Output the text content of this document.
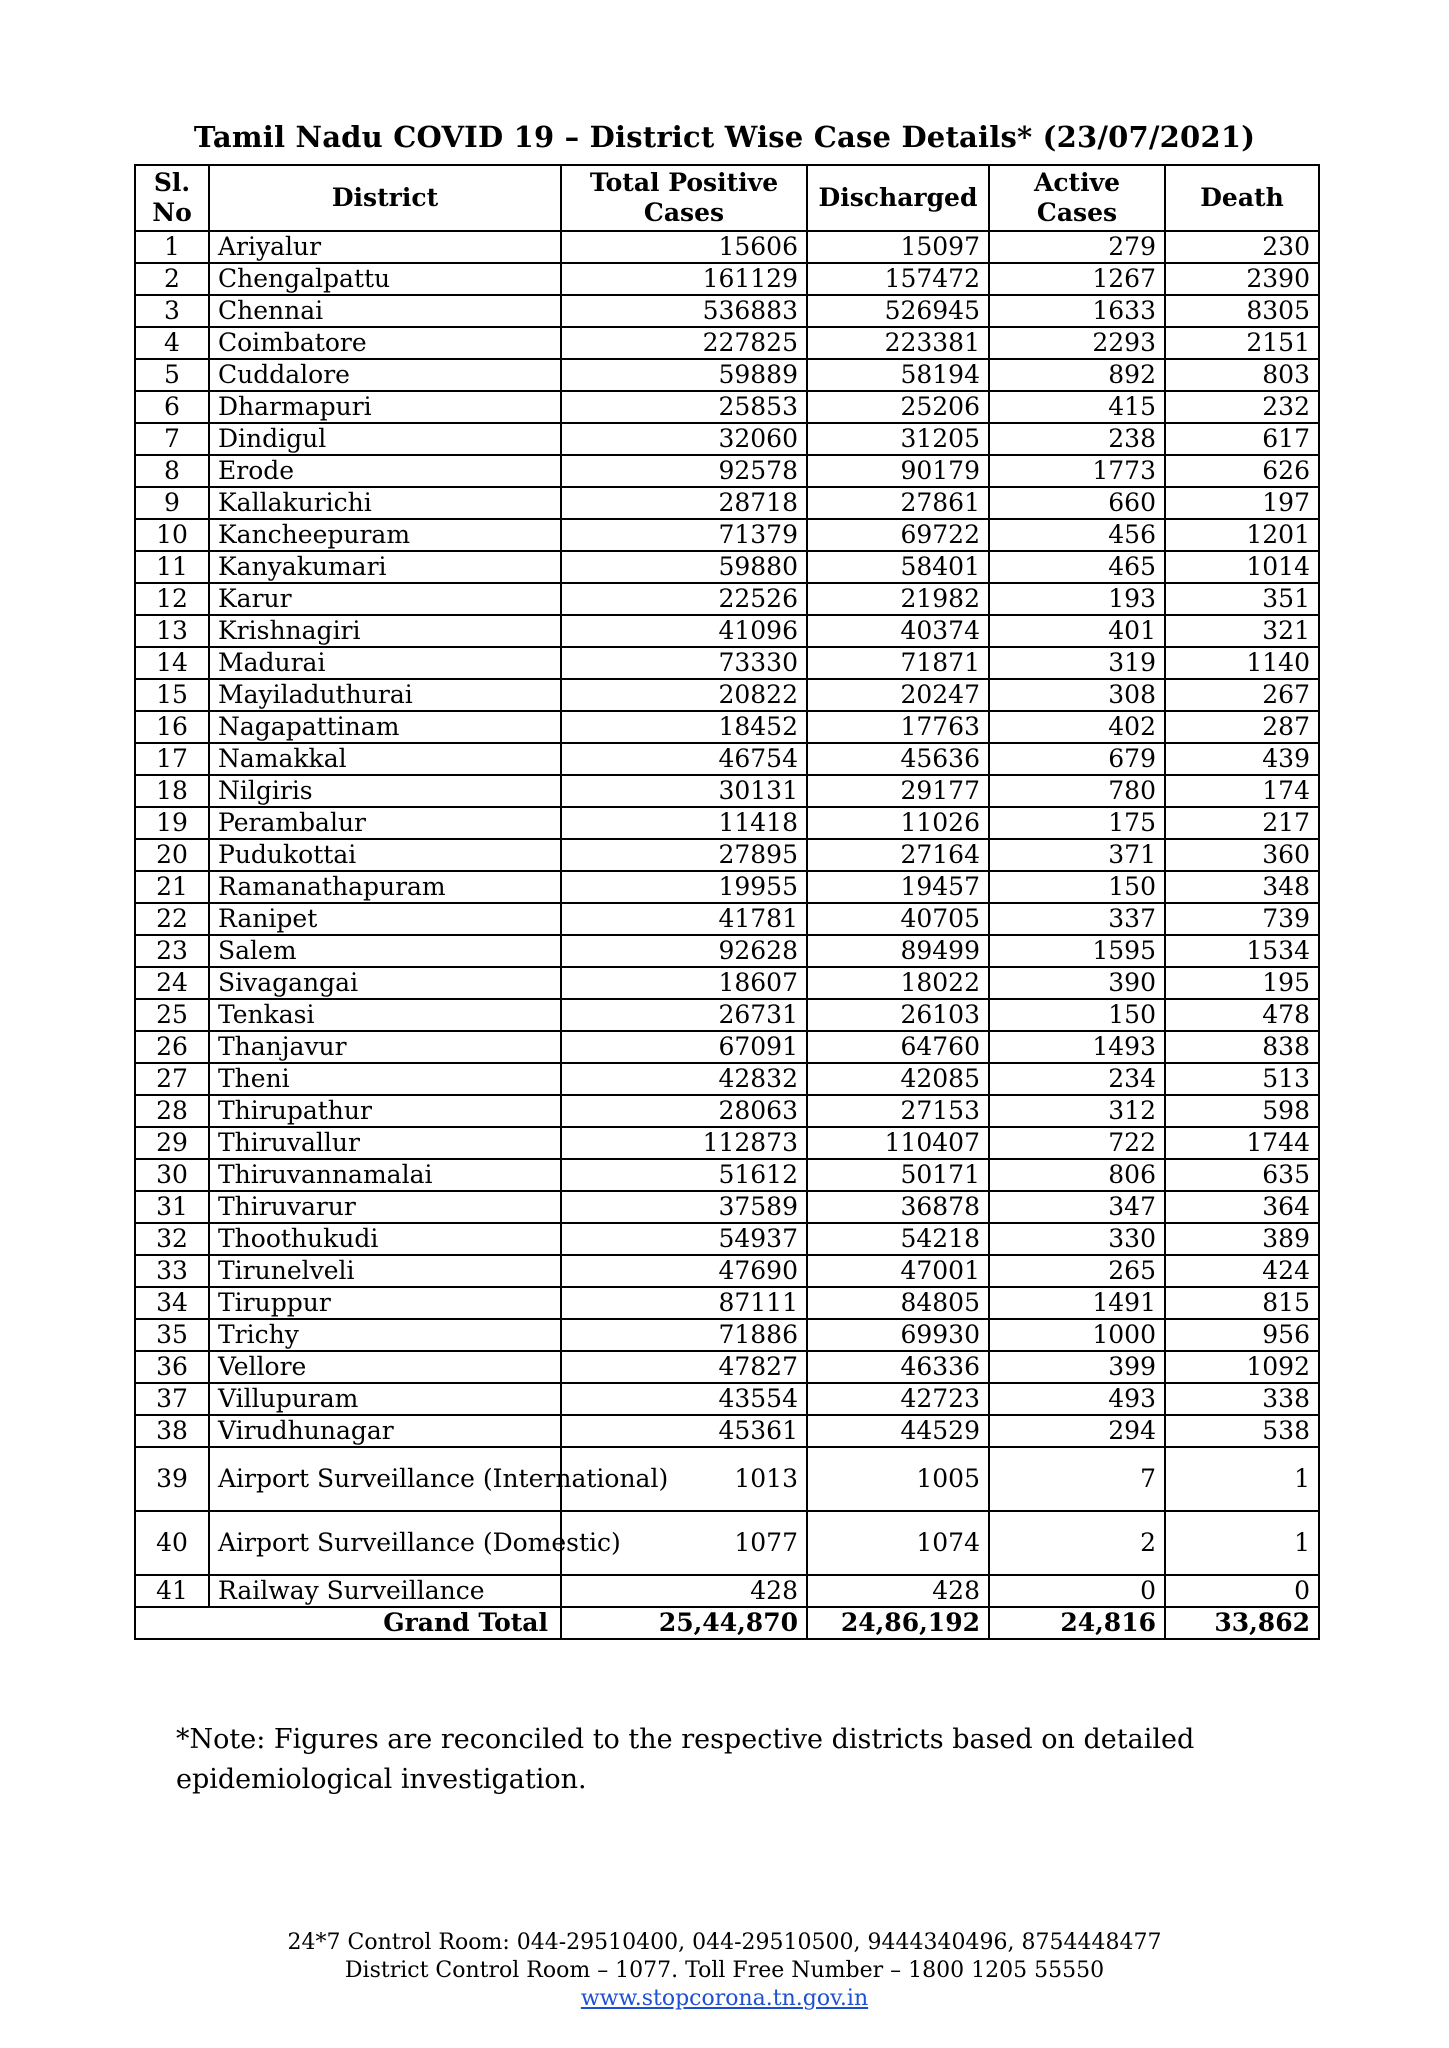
Tamil Nadu COVID 19 – District Wise Case Details* (23/07/2021)
Sl. No	District	Total Positive Cases	Discharged	Active Cases	Death
1	Ariyalur	15606	15097	279	230
2	Chengalpattu	161129	157472	1267	2390
3	Chennai	536883	526945	1633	8305
4	Coimbatore	227825	223381	2293	2151
5	Cuddalore	59889	58194	892	803
6	Dharmapuri	25853	25206	415	232
7	Dindigul	32060	31205	238	617
8	Erode	92578	90179	1773	626
9	Kallakurichi	28718	27861	660	197
10	Kancheepuram	71379	69722	456	1201
11	Kanyakumari	59880	58401	465	1014
12	Karur	22526	21982	193	351
13	Krishnagiri	41096	40374	401	321
14	Madurai	73330	71871	319	1140
15	Mayiladuthurai	20822	20247	308	267
16	Nagapattinam	18452	17763	402	287
17	Namakkal	46754	45636	679	439
18	Nilgiris	30131	29177	780	174
19	Perambalur	11418	11026	175	217
20	Pudukottai	27895	27164	371	360
21	Ramanathapuram	19955	19457	150	348
22	Ranipet	41781	40705	337	739
23	Salem	92628	89499	1595	1534
24	Sivagangai	18607	18022	390	195
25	Tenkasi	26731	26103	150	478
26	Thanjavur	67091	64760	1493	838
27	Theni	42832	42085	234	513
28	Thirupathur	28063	27153	312	598
29	Thiruvallur	112873	110407	722	1744
30	Thiruvannamalai	51612	50171	806	635
31	Thiruvarur	37589	36878	347	364
32	Thoothukudi	54937	54218	330	389
33	Tirunelveli	47690	47001	265	424
34	Tiruppur	87111	84805	1491	815
35	Trichy	71886	69930	1000	956
36	Vellore	47827	46336	399	1092
37	Villupuram	43554	42723	493	338
38	Virudhunagar	45361	44529	294	538
39	Airport Surveillance (International)	1013	1005	7	1
40	Airport Surveillance (Domestic)	1077	1074	2	1
41	Railway Surveillance	428	428	0	0
Grand Total		25,44,870	24,86,192	24,816	33,862
*Note: Figures are reconciled to the respective districts based on detailed epidemiological investigation.
24*7 Control Room: 044-29510400, 044-29510500, 9444340496, 8754448477
District Control Room – 1077. Toll Free Number – 1800 1205 55550
www.stopcorona.tn.gov.in
